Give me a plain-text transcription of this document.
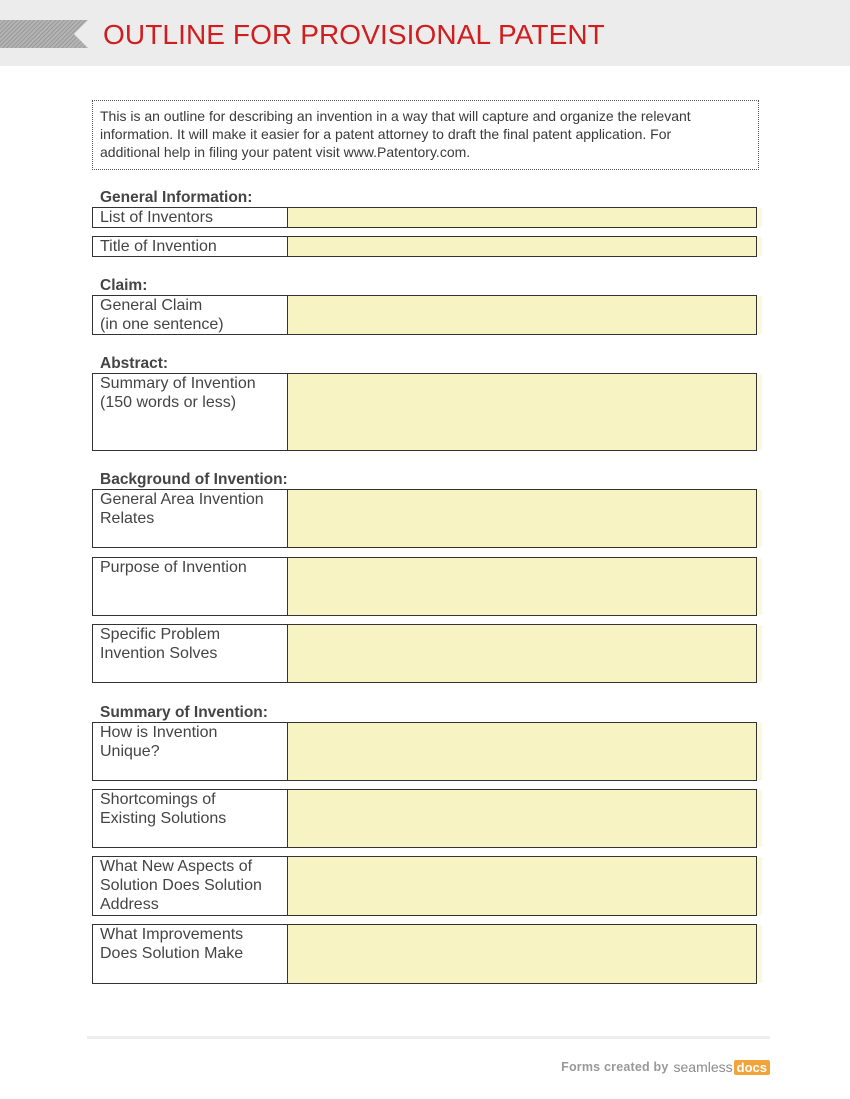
OUTLINE FOR PROVISIONAL PATENT
This is an outline for describing an invention in a way that will capture and organize the relevant
information. It will make it easier for a patent attorney to draft the final patent application. For
additional help in filing your patent visit www.Patentory.com.
General Information:
List of Inventors
Title of Invention
Claim:
General Claim
(in one sentence)
Abstract:
Summary of Invention
(150 words or less)
Background of Invention:
General Area Invention
Relates
Purpose of Invention
Specific Problem
Invention Solves
Summary of Invention:
How is Invention
Unique?
Shortcomings of
Existing Solutions
What New Aspects of
Solution Does Solution
Address
What Improvements
Does Solution Make
Forms created by seamless docs
